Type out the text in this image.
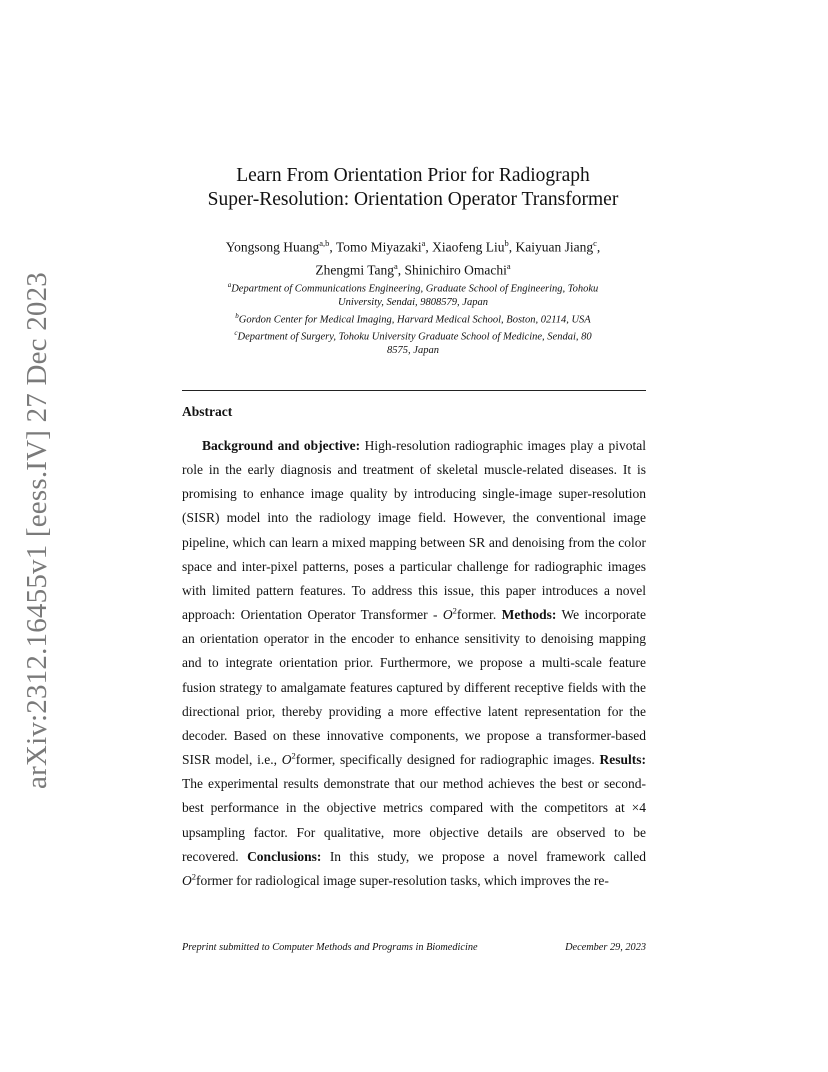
arXiv:2312.16455v1 [eess.IV] 27 Dec 2023
Learn From Orientation Prior for Radiograph
Super-Resolution: Orientation Operator Transformer
Yongsong Huang$^{a,b}$, Tomo Miyazaki$^a$, Xiaofeng Liu$^b$, Kaiyuan Jiang$^c$,
Zhengmi Tang$^a$, Shinichiro Omachi$^a$
$^a$Department of Communications Engineering, Graduate School of Engineering, Tohoku
University, Sendai, 9808579, Japan
$^b$Gordon Center for Medical Imaging, Harvard Medical School, Boston, 02114, USA
$^c$Department of Surgery, Tohoku University Graduate School of Medicine, Sendai, 80
8575, Japan
Abstract

Background and objective: High-resolution radiographic images play a pivotal role in the early diagnosis and treatment of skeletal muscle-related diseases. It is promising to enhance image quality by introducing single-image super-resolution (SISR) model into the radiology image field. However, the conventional image pipeline, which can learn a mixed mapping between SR and denoising from the color space and inter-pixel patterns, poses a particular challenge for radiographic images with limited pattern features. To address this issue, this paper introduces a novel approach: Orientation Operator Transformer - $O^2former$. Methods: We incorporate an orientation operator in the encoder to enhance sensitivity to denoising mapping and to integrate orientation prior. Furthermore, we propose a multi-scale feature fusion strategy to amalgamate features captured by different receptive fields with the directional prior, thereby providing a more effective latent representation for the decoder. Based on these innovative components, we propose a transformer-based SISR model, i.e., $O^2former$, specifically designed for radiographic images. Results: The experimental results demonstrate that our method achieves the best or second-best performance in the objective metrics compared with the competitors at ×4 upsampling factor. For qualitative, more objective details are observed to be recovered. Conclusions: In this study, we propose a novel framework called $O^2former$ for radiological image super-resolution tasks, which improves the re-

Preprint submitted to Computer Methods and Programs in Biomedicine	December 29, 2023
